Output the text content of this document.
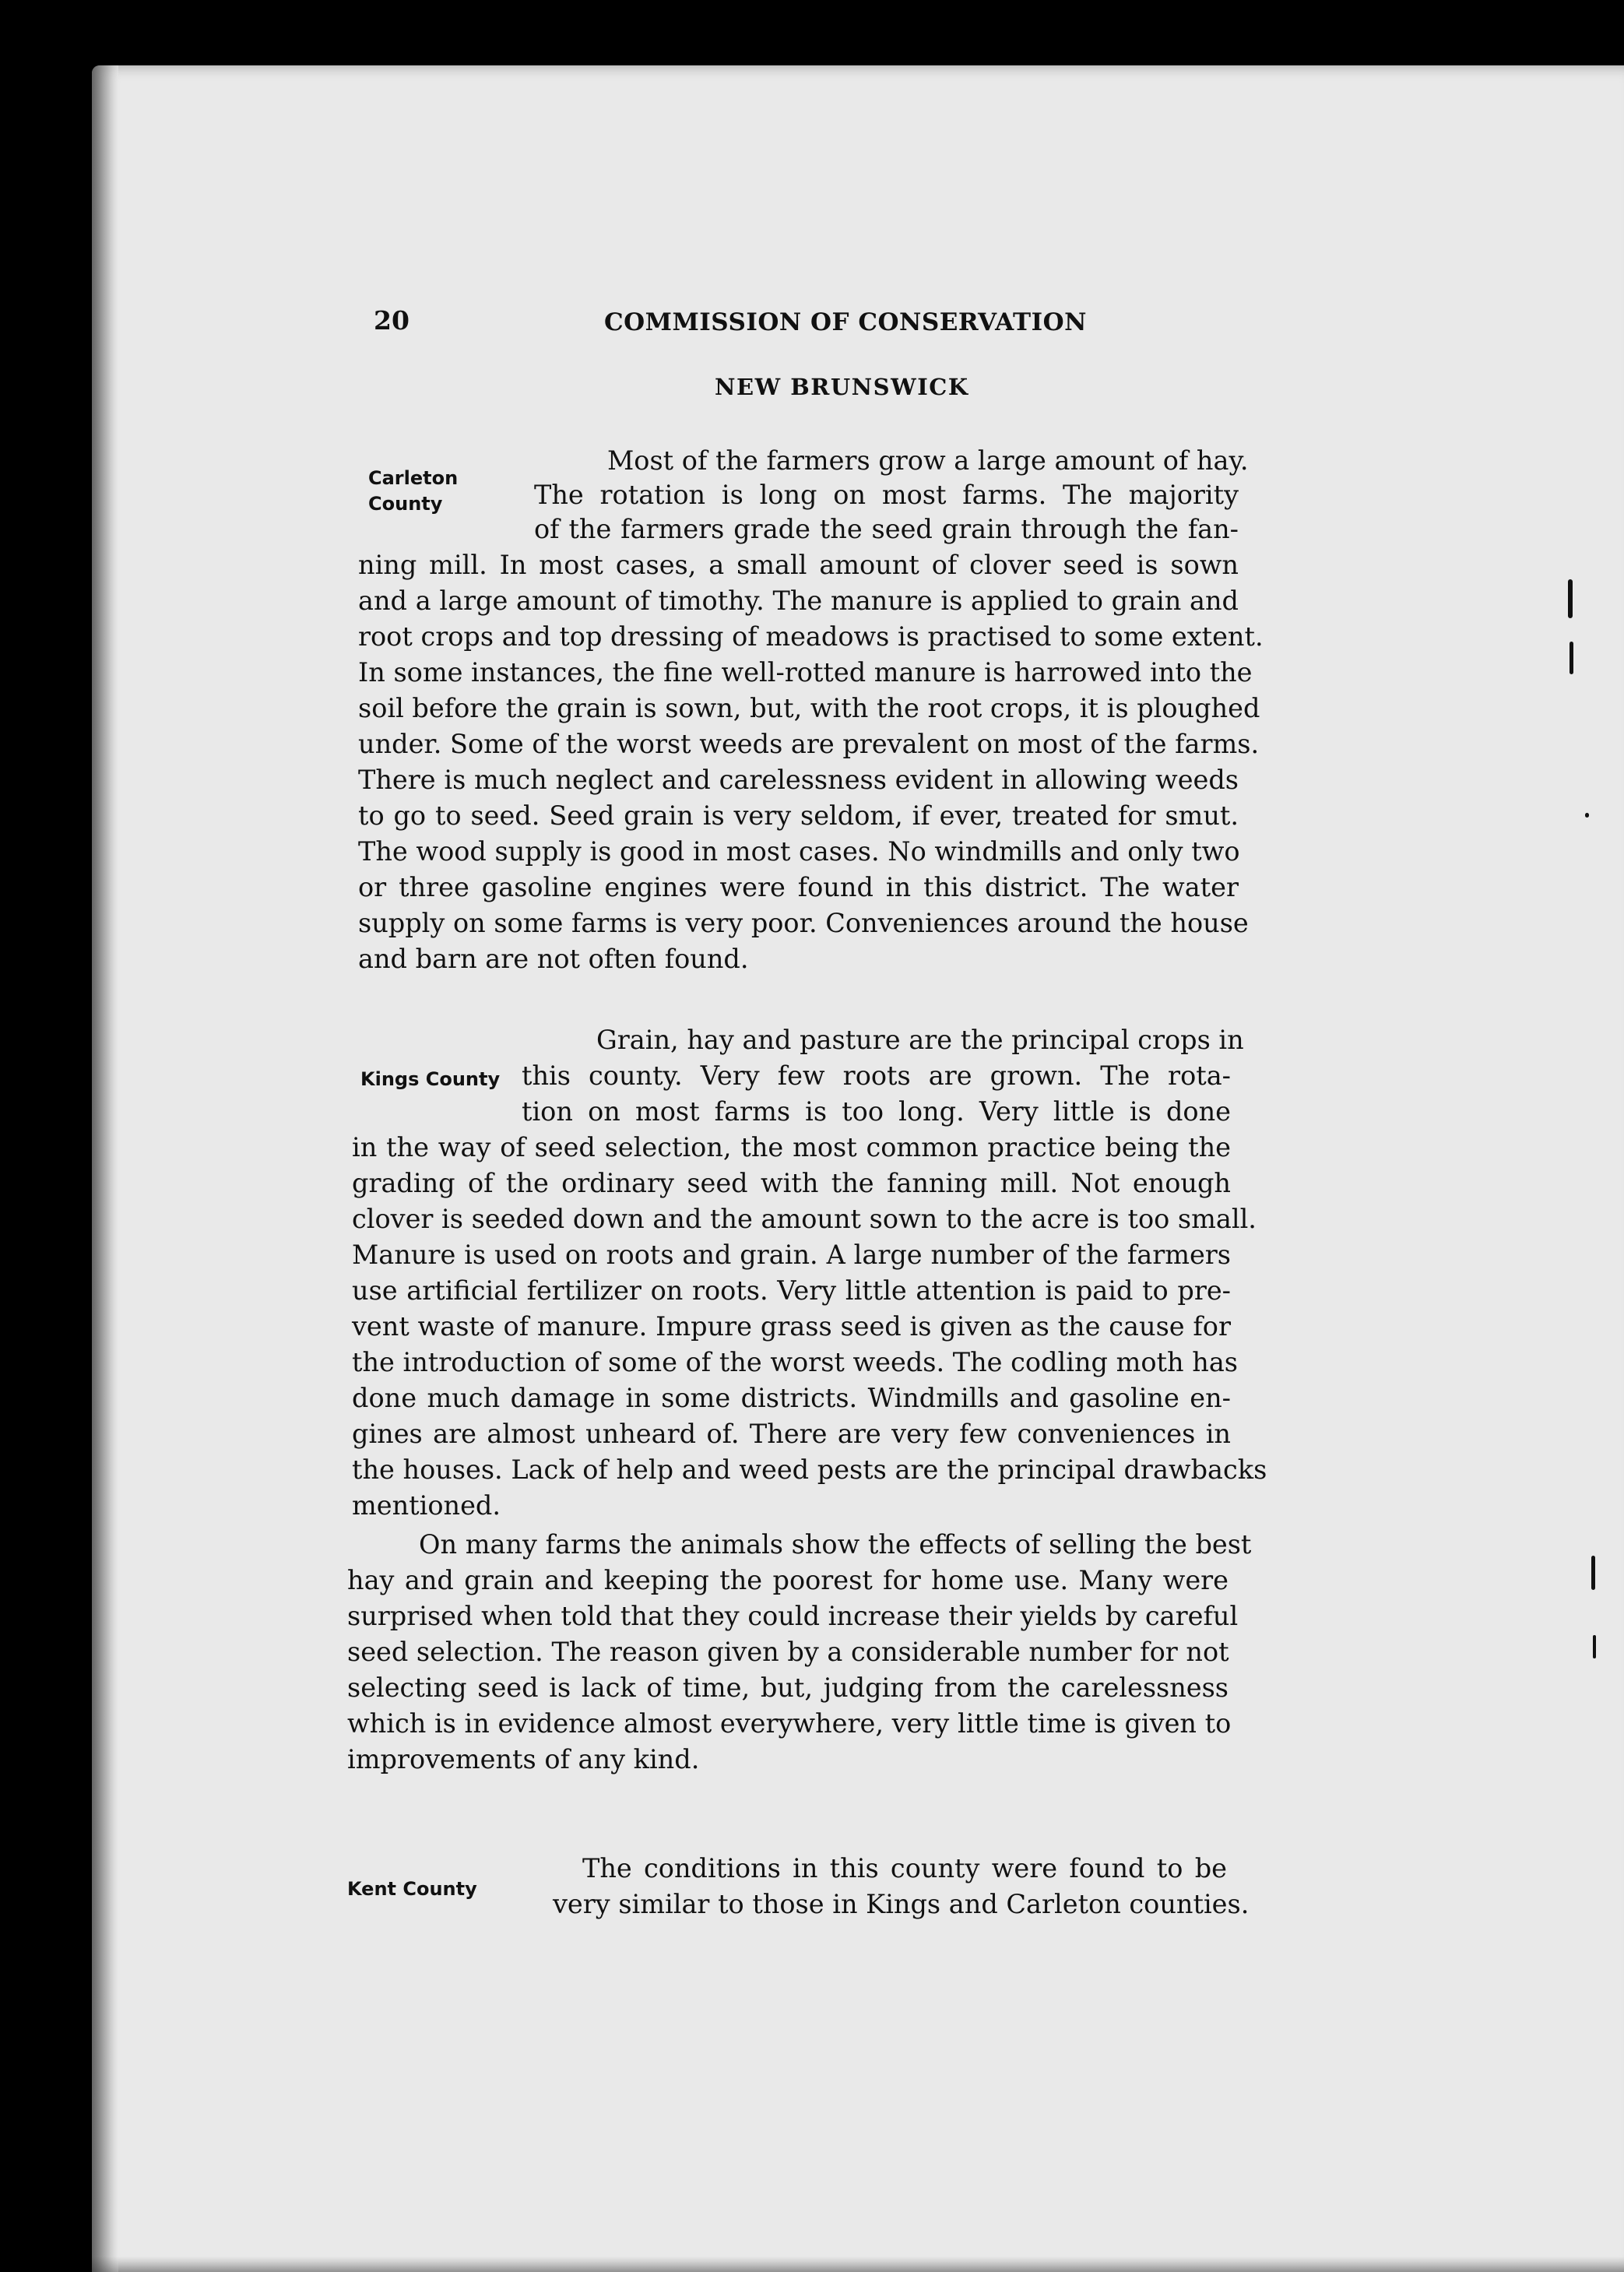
20	COMMISSION OF CONSERVATION
NEW BRUNSWICK
Carleton
County
Most of the farmers grow a large amount of hay.
The rotation is long on most farms. The majority
of the farmers grade the seed grain through the fan-
ning mill. In most cases, a small amount of clover seed is sown
and a large amount of timothy. The manure is applied to grain and
root crops and top dressing of meadows is practised to some extent.
In some instances, the fine well-rotted manure is harrowed into the
soil before the grain is sown, but, with the root crops, it is ploughed
under. Some of the worst weeds are prevalent on most of the farms.
There is much neglect and carelessness evident in allowing weeds
to go to seed. Seed grain is very seldom, if ever, treated for smut.
The wood supply is good in most cases. No windmills and only two
or three gasoline engines were found in this district. The water
supply on some farms is very poor. Conveniences around the house
and barn are not often found.
Kings County
Grain, hay and pasture are the principal crops in
this county. Very few roots are grown. The rota-
tion on most farms is too long. Very little is done
in the way of seed selection, the most common practice being the
grading of the ordinary seed with the fanning mill. Not enough
clover is seeded down and the amount sown to the acre is too small.
Manure is used on roots and grain. A large number of the farmers
use artificial fertilizer on roots. Very little attention is paid to pre-
vent waste of manure. Impure grass seed is given as the cause for
the introduction of some of the worst weeds. The codling moth has
done much damage in some districts. Windmills and gasoline en-
gines are almost unheard of. There are very few conveniences in
the houses. Lack of help and weed pests are the principal drawbacks
mentioned.
On many farms the animals show the effects of selling the best
hay and grain and keeping the poorest for home use. Many were
surprised when told that they could increase their yields by careful
seed selection. The reason given by a considerable number for not
selecting seed is lack of time, but, judging from the carelessness
which is in evidence almost everywhere, very little time is given to
improvements of any kind.
Kent County
The conditions in this county were found to be
very similar to those in Kings and Carleton counties.
